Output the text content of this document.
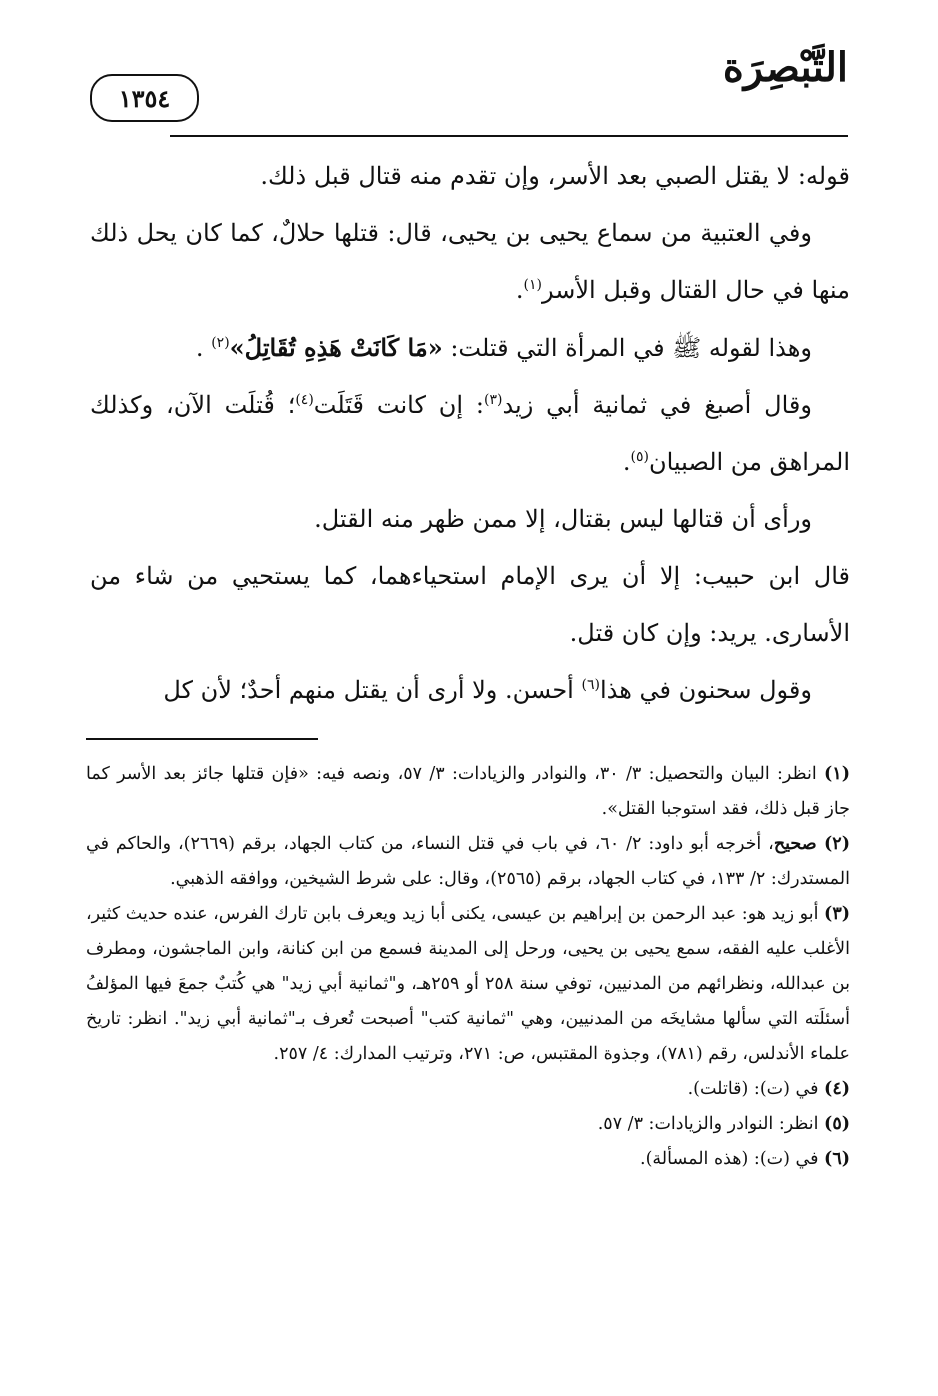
التَّبْصِرَة
١٣٥٤

قوله: لا يقتل الصبي بعد الأسر، وإن تقدم منه قتال قبل ذلك.

وفي العتبية من سماع يحيى بن يحيى، قال: قتلها حلالٌ، كما كان يحل ذلك منها في حال القتال وقبل الأسر$^{(١)}$.

وهذا لقوله ﷺ في المرأة التي قتلت: «مَا كَانَتْ هَذِهِ تُقَاتِلُ»$^{(٢)}$ .

وقال أصبغ في ثمانية أبي زيد$^{(٣)}$: إن كانت قَتَلَت$^{(٤)}$؛ قُتلَت الآن، وكذلك المراهق من الصبيان$^{(٥)}$.

ورأى أن قتالها ليس بقتال، إلا ممن ظهر منه القتل.

قال ابن حبيب: إلا أن يرى الإمام استحياءهما، كما يستحيي من شاء من الأسارى. يريد: وإن كان قتل.

وقول سحنون في هذا$^{(٦)}$ أحسن. ولا أرى أن يقتل منهم أحدٌ؛ لأن كل

(١) انظر: البيان والتحصيل: ٣/ ٣٠، والنوادر والزيادات: ٣/ ٥٧، ونصه فيه: «فإن قتلها جائز بعد الأسر كما جاز قبل ذلك، فقد استوجبا القتل».

(٢) صحيح، أخرجه أبو داود: ٢/ ٦٠، في باب في قتل النساء، من كتاب الجهاد، برقم (٢٦٦٩)، والحاكم في المستدرك: ٢/ ١٣٣، في كتاب الجهاد، برقم (٢٥٦٥)، وقال: على شرط الشيخين، ووافقه الذهبي.

(٣) أبو زيد هو: عبد الرحمن بن إبراهيم بن عيسى، يكنى أبا زيد ويعرف بابن تارك الفرس، عنده حديث كثير، الأغلب عليه الفقه، سمع يحيى بن يحيى، ورحل إلى المدينة فسمع من ابن كنانة، وابن الماجشون، ومطرف بن عبدالله، ونظرائهم من المدنيين، توفي سنة ٢٥٨ أو ٢٥٩هـ، و"ثمانية أبي زيد" هي كُتبٌ جمعَ فيها المؤلفُ أسئلَته التي سألها مشايخَه من المدنيين، وهي "ثمانية كتب" أصبحت تُعرف بـ"ثمانية أبي زيد". انظر: تاريخ علماء الأندلس، رقم (٧٨١)، وجذوة المقتبس، ص: ٢٧١، وترتيب المدارك: ٤/ ٢٥٧.

(٤) في (ت): (قاتلت).

(٥) انظر: النوادر والزيادات: ٣/ ٥٧.

(٦) في (ت): (هذه المسألة).
